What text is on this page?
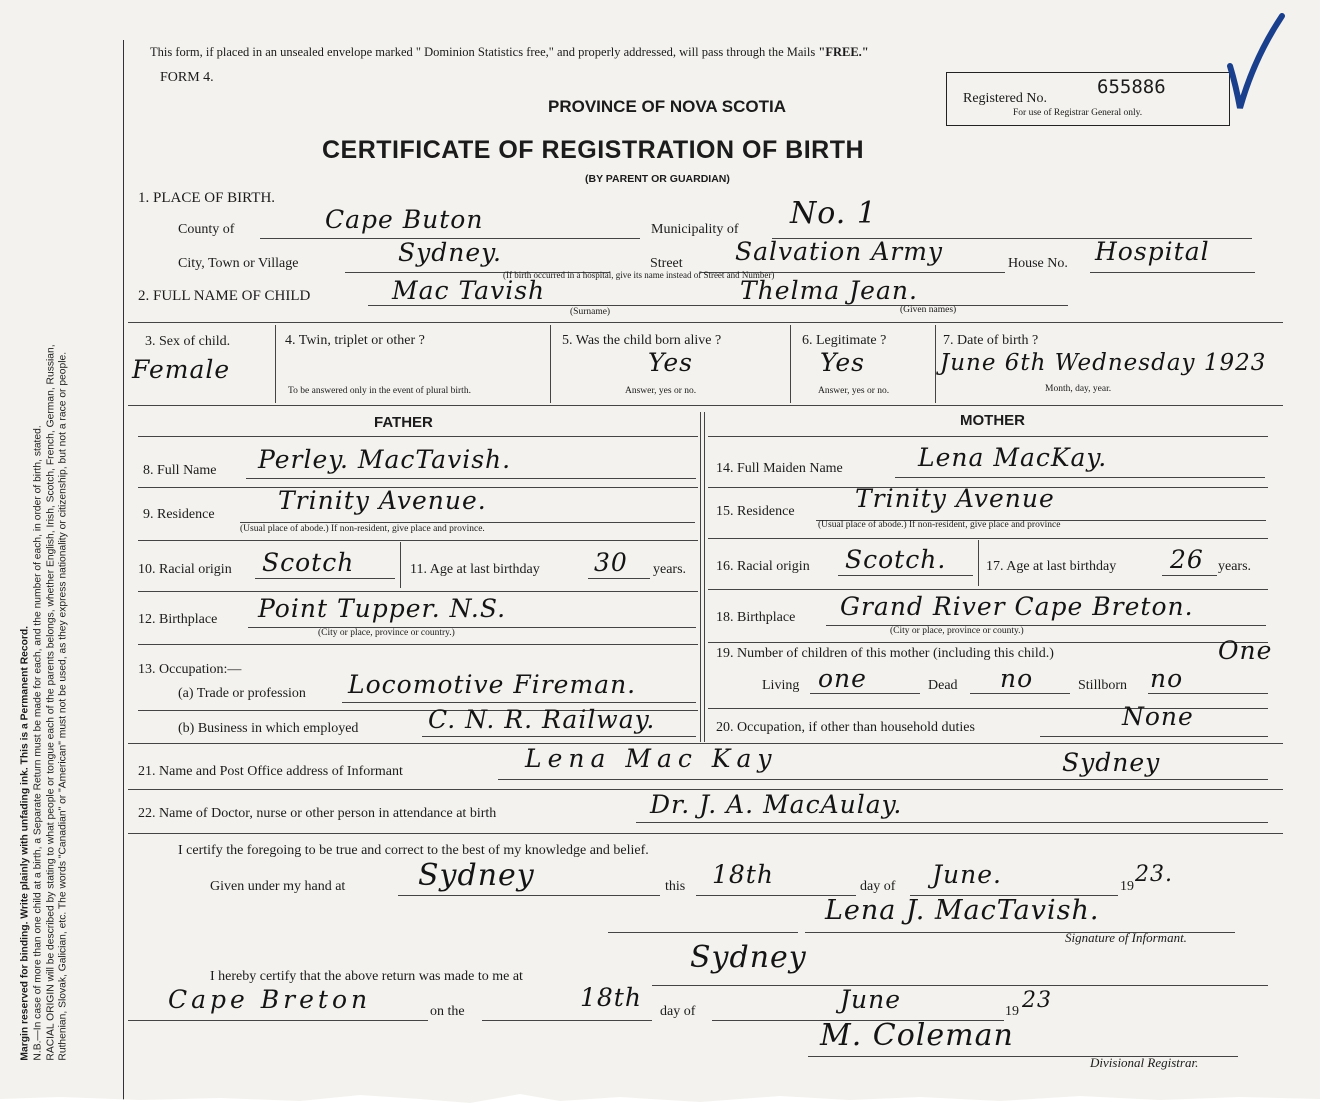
Margin reserved for binding. Write plainly with unfading ink. This is a Permanent Record. N.B.—In case of more than one child at a birth, a Separate Return must be made for each, and the number of each, in order of birth, stated. RACIAL ORIGIN will be described by stating to what people or tongue each of the parents belongs, whether English, Irish, Scotch, French, German, Russian, Ruthenian, Slovak, Galician, etc. The words "Canadian" or "American" must not be used, as they express nationality or citizenship, but not a race or people.
This form, if placed in an unsealed envelope marked " Dominion Statistics free," and properly addressed, will pass through the Mails "FREE."
FORM 4.
PROVINCE OF NOVA SCOTIA
CERTIFICATE OF REGISTRATION OF BIRTH
(BY PARENT OR GUARDIAN)
Registered No.
655886
For use of Registrar General only.
1. PLACE OF BIRTH.
County of	Cape Buton	Municipality of No. 1
City, Town or Village	Sydney.	Street Salvation Army	House No. Hospital
(If birth occurred in a hospital, give its name instead of Street and Number)
2. FULL NAME OF CHILD	Mac Tavish	Thelma Jean.
(Surname)	(Given names)
3. Sex of child.
Female
4. Twin, triplet or other ?
To be answered only in the event of plural birth.
5. Was the child born alive ?
Yes
Answer, yes or no.
6. Legitimate ?
Yes
Answer, yes or no.
7. Date of birth ?
June 6th Wednesday 1923
Month, day, year.
FATHER	MOTHER
8. Full Name Perley. MacTavish.
9. Residence	Trinity Avenue.
(Usual place of abode.) If non-resident, give place and province.
10. Racial origin Scotch	11. Age at last birthday 30 years.
12. Birthplace Point Tupper. N.S.
(City or place, province or country.)
13. Occupation:—
(a) Trade or profession Locomotive Fireman.
(b) Business in which employed	C. N. R. Railway.
14. Full Maiden Name	Lena MacKay.
15. Residence Trinity Avenue
(Usual place of abode.) If non-resident, give place and province
16. Racial origin Scotch.	17. Age at last birthday 26 years.
18. Birthplace Grand River Cape Breton.
(City or place, province or county.)
19. Number of children of this mother (including this child.)	One
Living one	Dead no	Stillborn no
20. Occupation, if other than household duties	None
21. Name and Post Office address of Informant	Lena Mac Kay	Sydney
22. Name of Doctor, nurse or other person in attendance at birth	Dr. J. A. MacAulay.
I certify the foregoing to be true and correct to the best of my knowledge and belief.
Given under my hand at Sydney	this 18th	day of June.	19 23.
Lena J. MacTavish.
Signature of Informant.
I hereby certify that the above return was made to me at
Sydney
Cape Breton	on the	18th day of	June	19 23
M. Coleman
Divisional Registrar.
